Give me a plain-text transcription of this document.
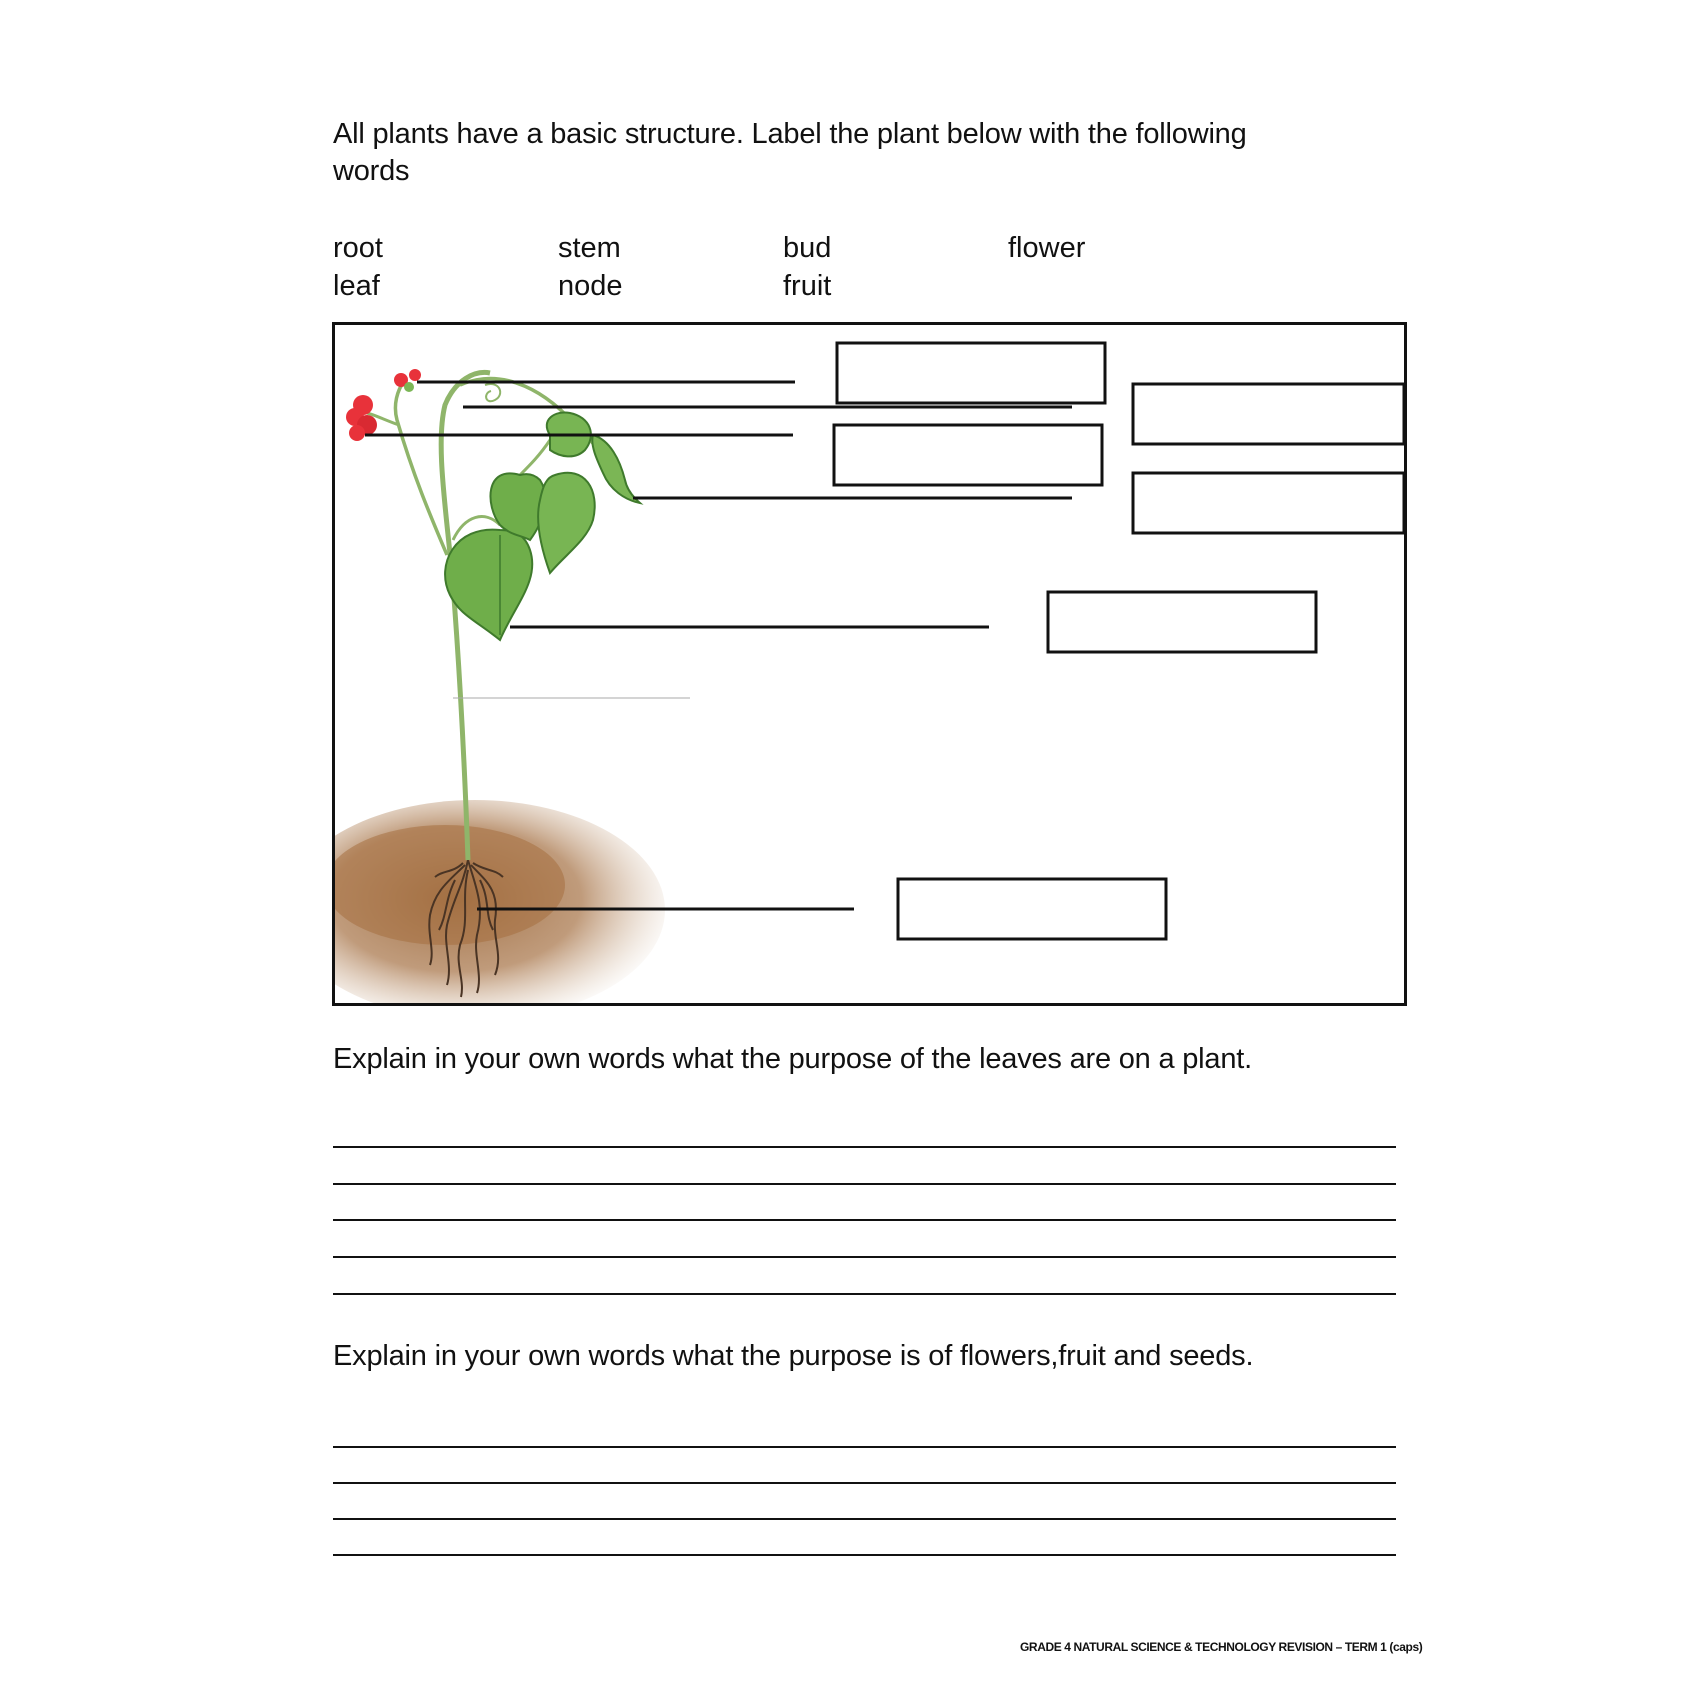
All plants have a basic structure. Label the plant below with the following
words
root	stem	bud	flower
leaf	node	fruit
Explain in your own words what the purpose of the leaves are on a plant.
Explain in your own words what the purpose is of flowers,fruit and seeds.
GRADE 4 NATURAL SCIENCE & TECHNOLOGY REVISION – TERM 1 (caps)
